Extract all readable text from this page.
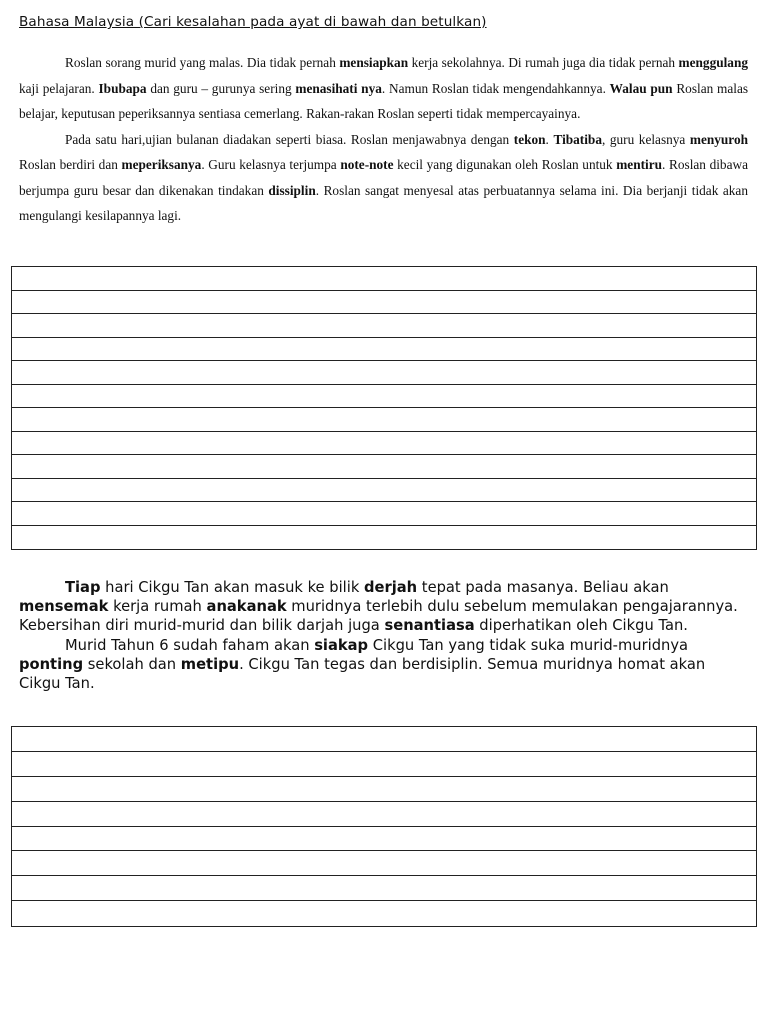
Bahasa Malaysia (Cari kesalahan pada ayat di bawah dan betulkan)

Roslan sorang murid yang malas. Dia tidak pernah mensiapkan kerja sekolahnya. Di rumah juga dia tidak pernah menggulang kaji pelajaran. Ibubapa dan guru – gurunya sering menasihati nya. Namun Roslan tidak mengendahkannya. Walau pun Roslan malas belajar, keputusan peperiksannya sentiasa cemerlang. Rakan-rakan Roslan seperti tidak mempercayainya.

Pada satu hari,ujian bulanan diadakan seperti biasa. Roslan menjawabnya dengan tekon. Tibatiba, guru kelasnya menyuroh Roslan berdiri dan meperiksanya. Guru kelasnya terjumpa note-note kecil yang digunakan oleh Roslan untuk mentiru. Roslan dibawa berjumpa guru besar dan dikenakan tindakan dissiplin. Roslan sangat menyesal atas perbuatannya selama ini. Dia berjanji tidak akan mengulangi kesilapannya lagi.

Tiap hari Cikgu Tan akan masuk ke bilik derjah tepat pada masanya. Beliau akan mensemak kerja rumah anakanak muridnya terlebih dulu sebelum memulakan pengajarannya. Kebersihan diri murid-murid dan bilik darjah juga senantiasa diperhatikan oleh Cikgu Tan.

Murid Tahun 6 sudah faham akan siakap Cikgu Tan yang tidak suka murid-muridnya ponting sekolah dan metipu. Cikgu Tan tegas dan berdisiplin. Semua muridnya homat akan Cikgu Tan.
